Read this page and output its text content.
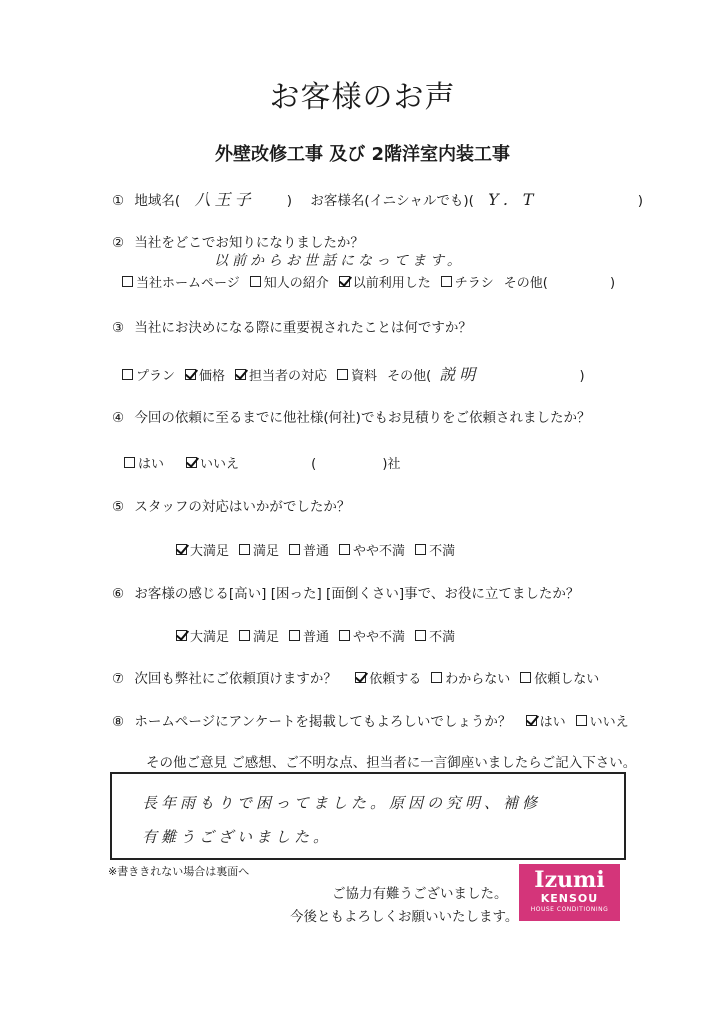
お客様のお声
外壁改修工事 及び 2階洋室内装工事
① 地域名( 八王子 ) お客様名(イニシャルでも)( Y．T	)
② 当社をどこでお知りになりましたか？
以前からお世話になってます。
当社ホームページ 知人の紹介 以前利用した チラシ その他(	)
③ 当社にお決めになる際に重要視されたことは何ですか？
プラン 価格 担当者の対応 資料 その他( 説明	)
④ 今回の依頼に至るまでに他社様(何社)でもお見積りをご依頼されましたか？
はい	いいえ	(	)社
⑤ スタッフの対応はいかがでしたか？
大満足 満足 普通 やや不満 不満
⑥ お客様の感じる[高い] [困った] [面倒くさい]事で、お役に立てましたか？
大満足 満足 普通 やや不満 不満
⑦ 次回も弊社にご依頼頂けますか？ 依頼する わからない 依頼しない
⑧ ホームページにアンケートを掲載してもよろしいでしょうか？ はい いいえ
その他ご意見 ご感想、ご不明な点、担当者に一言御座いましたらご記入下さい。
長年雨もりで困ってました。原因の究明、補修
有難うございました。
※書ききれない場合は裏面へ
ご協力有難うございました。
今後ともよろしくお願いいたします。
Izumi
KENSOU
HOUSE CONDITIONING
